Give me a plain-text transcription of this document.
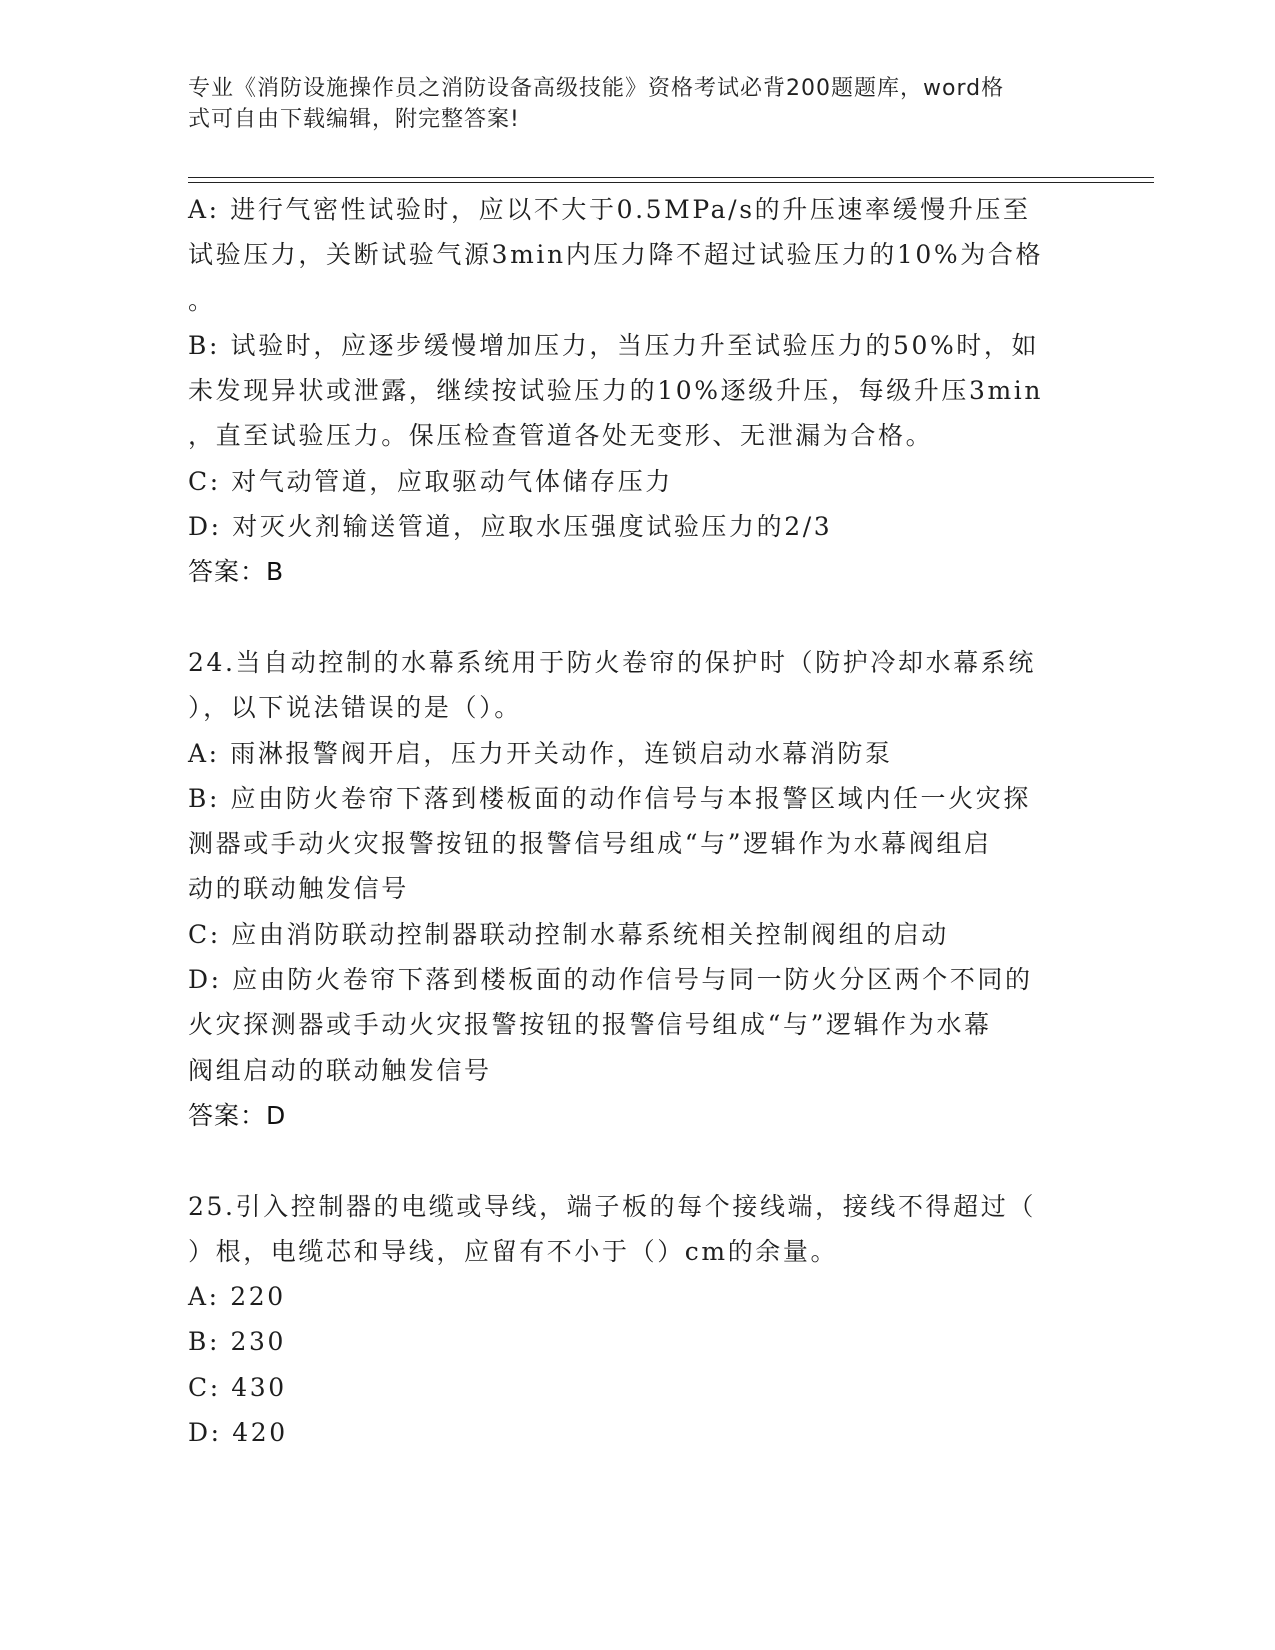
专业《消防设施操作员之消防设备高级技能》资格考试必背200题题库，word格
式可自由下载编辑，附完整答案!
A: 进行气密性试验时，应以不大于0.5MPa/s的升压速率缓慢升压至
试验压力，关断试验气源3min内压力降不超过试验压力的10%为合格
。
B: 试验时，应逐步缓慢增加压力，当压力升至试验压力的50%时，如
未发现异状或泄露，继续按试验压力的10%逐级升压，每级升压3min
，直至试验压力。保压检查管道各处无变形、无泄漏为合格。
C: 对气动管道，应取驱动气体储存压力
D: 对灭火剂输送管道，应取水压强度试验压力的2/3
答案：B
24.当自动控制的水幕系统用于防火卷帘的保护时（防护冷却水幕系统
），以下说法错误的是（）。
A: 雨淋报警阀开启，压力开关动作，连锁启动水幕消防泵
B: 应由防火卷帘下落到楼板面的动作信号与本报警区域内任一火灾探
测器或手动火灾报警按钮的报警信号组成“与”逻辑作为水幕阀组启
动的联动触发信号
C: 应由消防联动控制器联动控制水幕系统相关控制阀组的启动
D: 应由防火卷帘下落到楼板面的动作信号与同一防火分区两个不同的
火灾探测器或手动火灾报警按钮的报警信号组成“与”逻辑作为水幕
阀组启动的联动触发信号
答案：D
25.引入控制器的电缆或导线，端子板的每个接线端，接线不得超过（
）根，电缆芯和导线，应留有不小于（）cm的余量。
A: 220
B: 230
C: 430
D: 420
